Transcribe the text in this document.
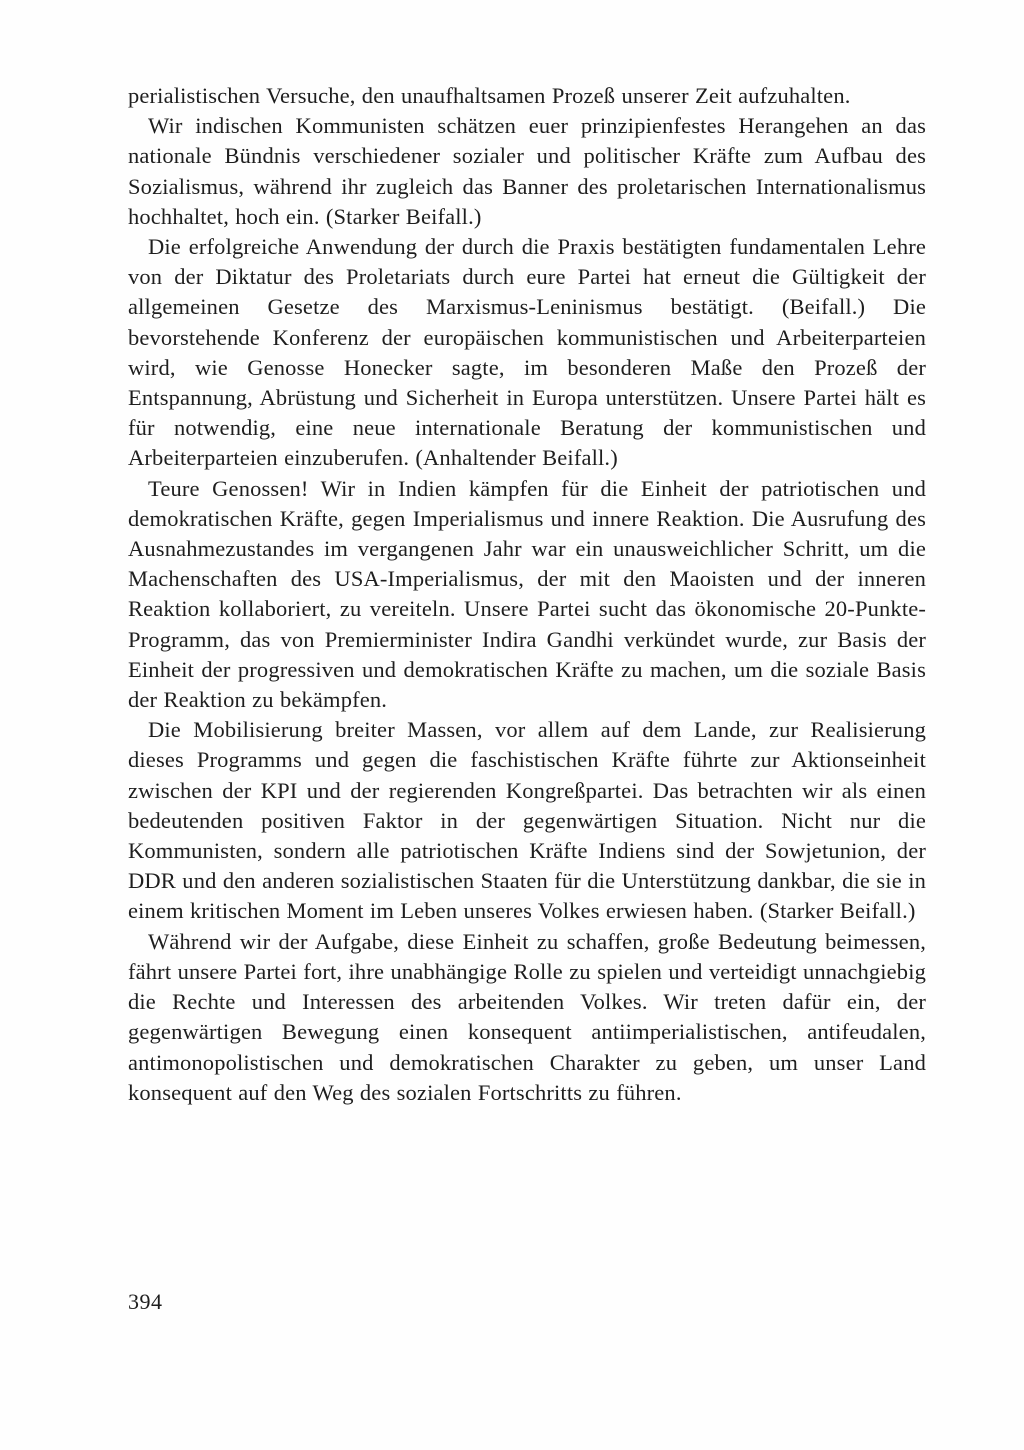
perialistischen Versuche, den unaufhaltsamen Prozeß unserer Zeit aufzuhalten.

Wir indischen Kommunisten schätzen euer prinzipienfestes Herangehen an das nationale Bündnis verschiedener sozialer und politischer Kräfte zum Aufbau des Sozialismus, während ihr zugleich das Banner des proletarischen Internationalismus hochhaltet, hoch ein. (Starker Beifall.)

Die erfolgreiche Anwendung der durch die Praxis bestätigten fundamentalen Lehre von der Diktatur des Proletariats durch eure Partei hat erneut die Gültigkeit der allgemeinen Gesetze des Marxismus-Leninismus bestätigt. (Beifall.) Die bevorstehende Konferenz der europäischen kommunistischen und Arbeiterparteien wird, wie Genosse Honecker sagte, im besonderen Maße den Prozeß der Entspannung, Abrüstung und Sicherheit in Europa unterstützen. Unsere Partei hält es für notwendig, eine neue internationale Beratung der kommunistischen und Arbeiterparteien einzuberufen. (Anhaltender Beifall.)

Teure Genossen! Wir in Indien kämpfen für die Einheit der patriotischen und demokratischen Kräfte, gegen Imperialismus und innere Reaktion. Die Ausrufung des Ausnahmezustandes im vergangenen Jahr war ein unausweichlicher Schritt, um die Machenschaften des USA-Imperialismus, der mit den Maoisten und der inneren Reaktion kollaboriert, zu vereiteln. Unsere Partei sucht das ökonomische 20-Punkte-Programm, das von Premierminister Indira Gandhi verkündet wurde, zur Basis der Einheit der progressiven und demokratischen Kräfte zu machen, um die soziale Basis der Reaktion zu bekämpfen.

Die Mobilisierung breiter Massen, vor allem auf dem Lande, zur Realisierung dieses Programms und gegen die faschistischen Kräfte führte zur Aktionseinheit zwischen der KPI und der regierenden Kongreßpartei. Das betrachten wir als einen bedeutenden positiven Faktor in der gegenwärtigen Situation. Nicht nur die Kommunisten, sondern alle patriotischen Kräfte Indiens sind der Sowjetunion, der DDR und den anderen sozialistischen Staaten für die Unterstützung dankbar, die sie in einem kritischen Moment im Leben unseres Volkes erwiesen haben. (Starker Beifall.)

Während wir der Aufgabe, diese Einheit zu schaffen, große Bedeutung beimessen, fährt unsere Partei fort, ihre unabhängige Rolle zu spielen und verteidigt unnachgiebig die Rechte und Interessen des arbeitenden Volkes. Wir treten dafür ein, der gegenwärtigen Bewegung einen konsequent antiimperialistischen, antifeudalen, antimonopolistischen und demokratischen Charakter zu geben, um unser Land konsequent auf den Weg des sozialen Fortschritts zu führen.

394
